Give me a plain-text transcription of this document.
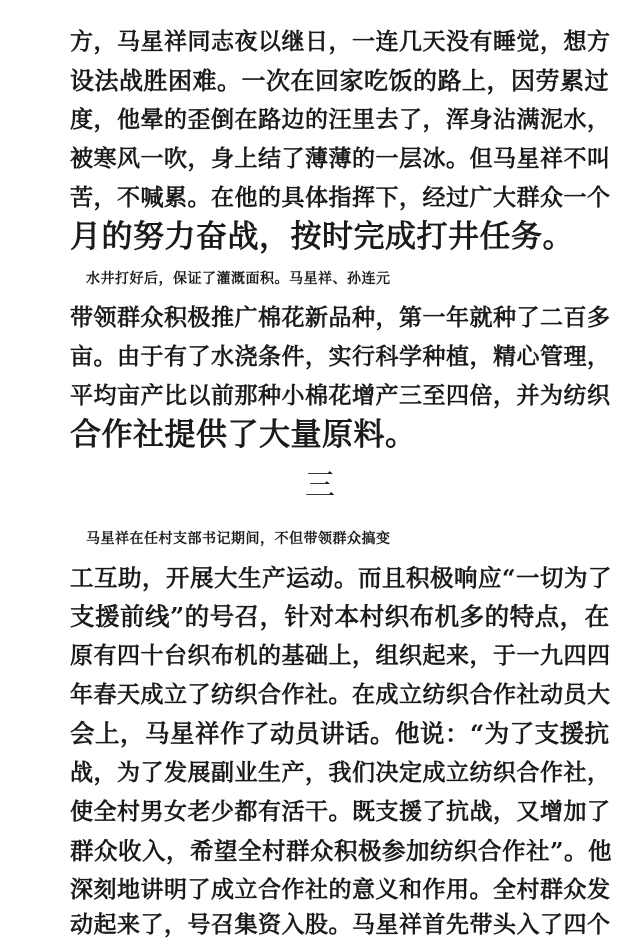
方，马星祥同志夜以继日，一连几天没有睡觉，想方
设法战胜困难。一次在回家吃饭的路上，因劳累过
度，他晕的歪倒在路边的汪里去了，浑身沾满泥水，
被寒风一吹，身上结了薄薄的一层冰。但马星祥不叫
苦，不喊累。在他的具体指挥下，经过广大群众一个
月的努力奋战，按时完成打井任务。
水井打好后，保证了灌溉面积。马星祥、孙连元
带领群众积极推广棉花新品种，第一年就种了二百多
亩。由于有了水浇条件，实行科学种植，精心管理，
平均亩产比以前那种小棉花增产三至四倍，并为纺织
合作社提供了大量原料。
三
马星祥在任村支部书记期间，不但带领群众搞变
工互助，开展大生产运动。而且积极响应“一切为了
支援前线”的号召，针对本村织布机多的特点，在
原有四十台织布机的基础上，组织起来，于一九四四
年春天成立了纺织合作社。在成立纺织合作社动员大
会上，马星祥作了动员讲话。他说：“为了支援抗
战，为了发展副业生产，我们决定成立纺织合作社，
使全村男女老少都有活干。既支援了抗战，又增加了
群众收入，希望全村群众积极参加纺织合作社”。他
深刻地讲明了成立合作社的意义和作用。全村群众发
动起来了，号召集资入股。马星祥首先带头入了四个
